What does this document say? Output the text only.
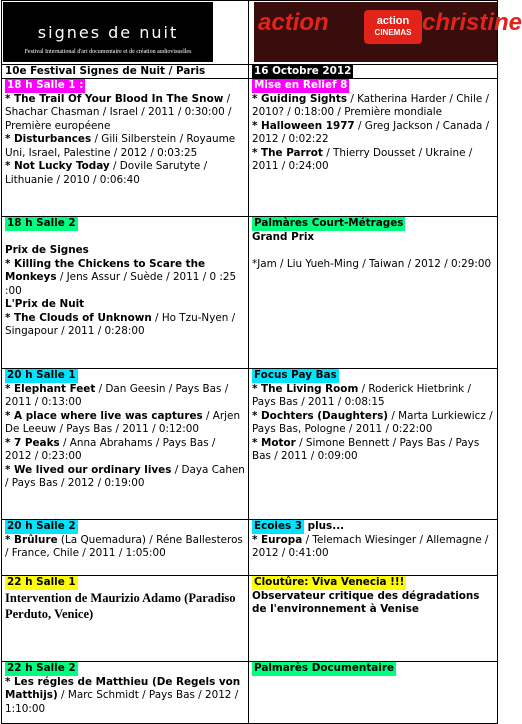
signes de nuit
Festival International d'art documentaire et de création audiovisuelles
action	action
CINEMAS christine
10e Festival Signes de Nuit / Paris	16 Octobre 2012
18 h Salle 1 :
* The Trail Of Your Blood In The Snow / Shachar Chasman / Israel / 2011 / 0:30:00 / Première européene
* Disturbances / Gili Silberstein / Royaume Uni, Israel, Palestine / 2012 / 0:03:25
* Not Lucky Today / Dovile Sarutyte / Lithuanie / 2010 / 0:06:40
Mise en Relief 8
* Guiding Sights / Katherina Harder / Chile / 2010? / 0:18:00 / Première mondiale
* Halloween 1977 / Greg Jackson / Canada / 2012 / 0:02:22
* The Parrot / Thierry Dousset / Ukraine / 2011 / 0:24:00
18 h Salle 2
Prix de Signes
* Killing the Chickens to Scare the Monkeys / Jens Assur / Suède / 2011 / 0 :25 :00
L'Prix de Nuit
* The Clouds of Unknown / Ho Tzu-Nyen / Singapour / 2011 / 0:28:00
Palmàres Court-Métrages
Grand Prix
*Jam / Liu Yueh-Ming / Taiwan / 2012 / 0:29:00
20 h Salle 1
* Elephant Feet / Dan Geesin / Pays Bas / 2011 / 0:13:00
* A place where live was captures / Arjen De Leeuw / Pays Bas / 2011 / 0:12:00
* 7 Peaks / Anna Abrahams / Pays Bas / 2012 / 0:23:00
* We lived our ordinary lives / Daya Cahen / Pays Bas / 2012 / 0:19:00
Focus Pay Bas
* The Living Room / Roderick Hietbrink / Pays Bas / 2011 / 0:08:15
* Dochters (Daughters) / Marta Lurkiewicz / Pays Bas, Pologne / 2011 / 0:22:00
* Motor / Simone Bennett / Pays Bas / Pays Bas / 2011 / 0:09:00
20 h Salle 2
* Brûlure (La Quemadura) / Réne Ballesteros / France, Chile / 2011 / 1:05:00
Ecoles 3 plus...
* Europa / Telemach Wiesinger / Allemagne / 2012 / 0:41:00
22 h Salle 1
Intervention de Maurizio Adamo (Paradiso Perduto, Venice)
Cloutûre: Viva Venecia !!!
Observateur critique des dégradations de l'environnement à Venise
22 h Salle 2
* Les régles de Matthieu (De Regels von Matthijs) / Marc Schmidt / Pays Bas / 2012 / 1:10:00
Palmarès Documentaire
